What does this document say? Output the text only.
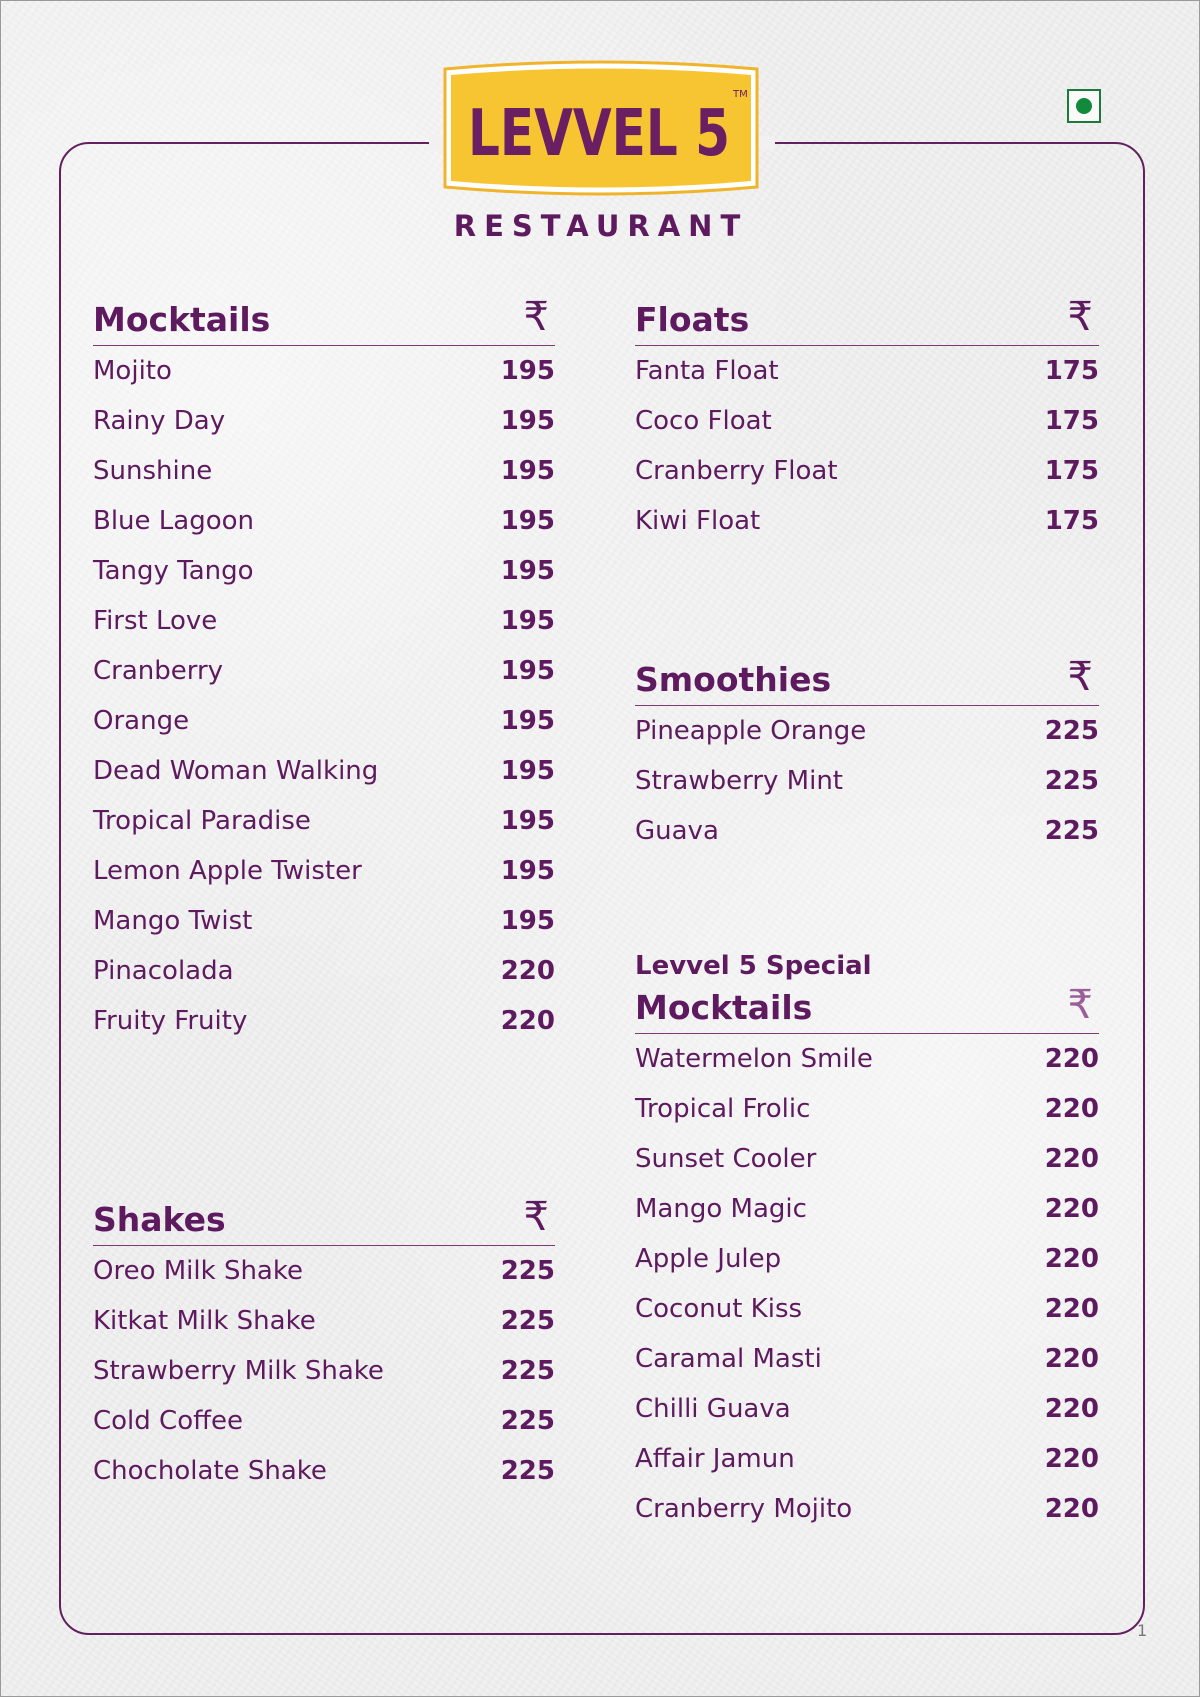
LEVVEL 5
TM
RESTAURANT
Mocktails	₹
Mojito	195
Rainy Day	195
Sunshine	195
Blue Lagoon	195
Tangy Tango	195
First Love	195
Cranberry	195
Orange	195
Dead Woman Walking	195
Tropical Paradise	195
Lemon Apple Twister	195
Mango Twist	195
Pinacolada	220
Fruity Fruity	220
Shakes	₹
Oreo Milk Shake	225
Kitkat Milk Shake	225
Strawberry Milk Shake	225
Cold Coffee	225
Chocholate Shake	225
Floats	₹
Fanta Float	175
Coco Float	175
Cranberry Float	175
Kiwi Float	175
Smoothies	₹
Pineapple Orange	225
Strawberry Mint	225
Guava	225
Levvel 5 Special
Mocktails	₹
Watermelon Smile	220
Tropical Frolic	220
Sunset Cooler	220
Mango Magic	220
Apple Julep	220
Coconut Kiss	220
Caramal Masti	220
Chilli Guava	220
Affair Jamun	220
Cranberry Mojito	220
1
